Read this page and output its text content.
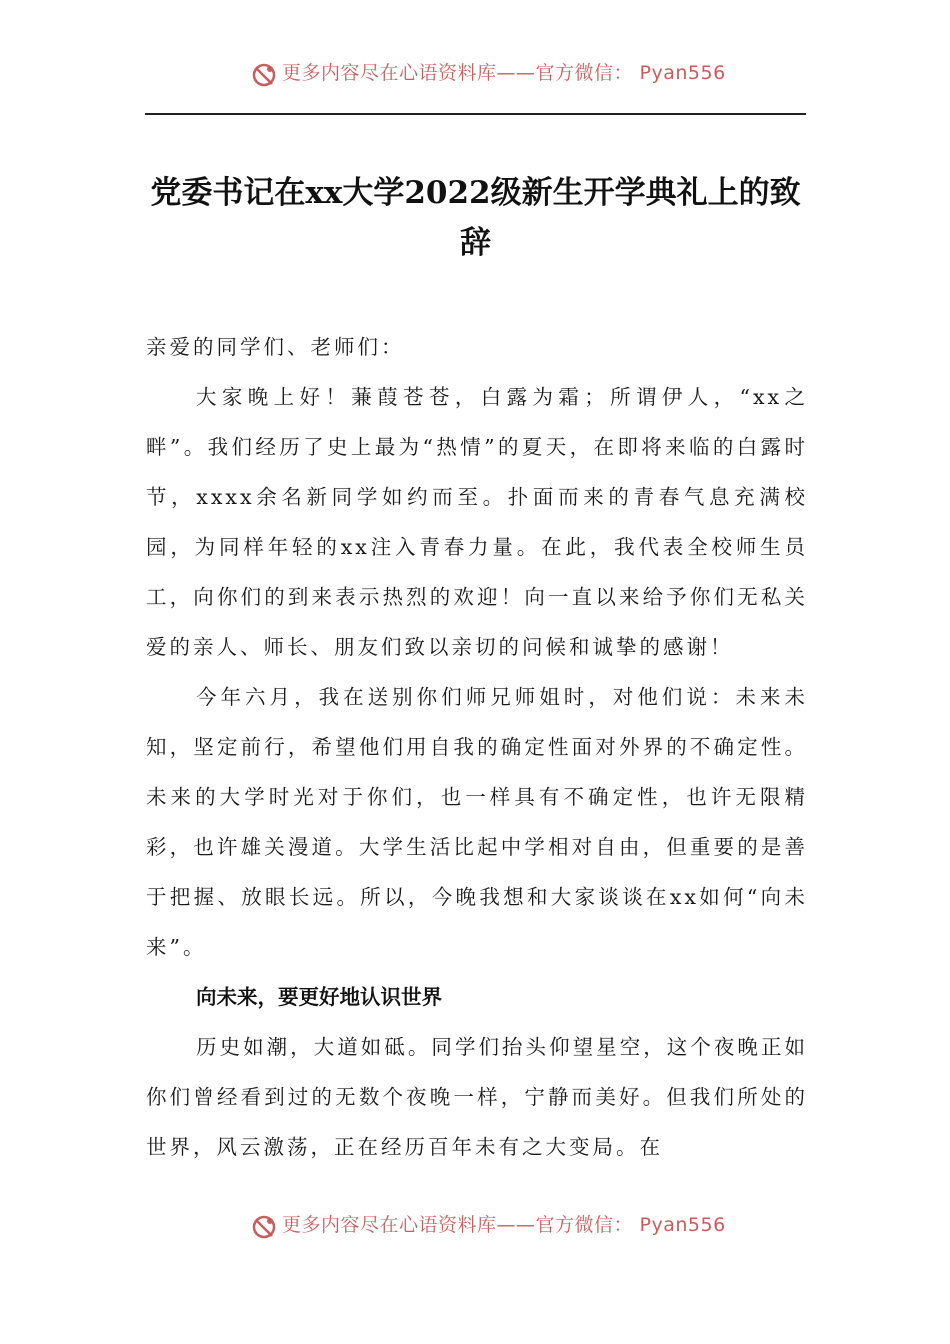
更多内容尽在心语资料库——官方微信： Pyan556
党委书记在xx大学2022级新生开学典礼上的致辞

亲爱的同学们、老师们：

大家晚上好！蒹葭苍苍，白露为霜；所谓伊人，“xx之畔”。我们经历了史上最为“热情”的夏天，在即将来临的白露时节，xxxx余名新同学如约而至。扑面而来的青春气息充满校园，为同样年轻的xx注入青春力量。在此，我代表全校师生员工，向你们的到来表示热烈的欢迎！向一直以来给予你们无私关爱的亲人、师长、朋友们致以亲切的问候和诚挚的感谢！

今年六月，我在送别你们师兄师姐时，对他们说：未来未知，坚定前行，希望他们用自我的确定性面对外界的不确定性。未来的大学时光对于你们，也一样具有不确定性，也许无限精彩，也许雄关漫道。大学生活比起中学相对自由，但重要的是善于把握、放眼长远。所以，今晚我想和大家谈谈在xx如何“向未来”。

向未来，要更好地认识世界

历史如潮，大道如砥。同学们抬头仰望星空，这个夜晚正如你们曾经看到过的无数个夜晚一样，宁静而美好。但我们所处的世界，风云激荡，正在经历百年未有之大变局。在

更多内容尽在心语资料库——官方微信： Pyan556
